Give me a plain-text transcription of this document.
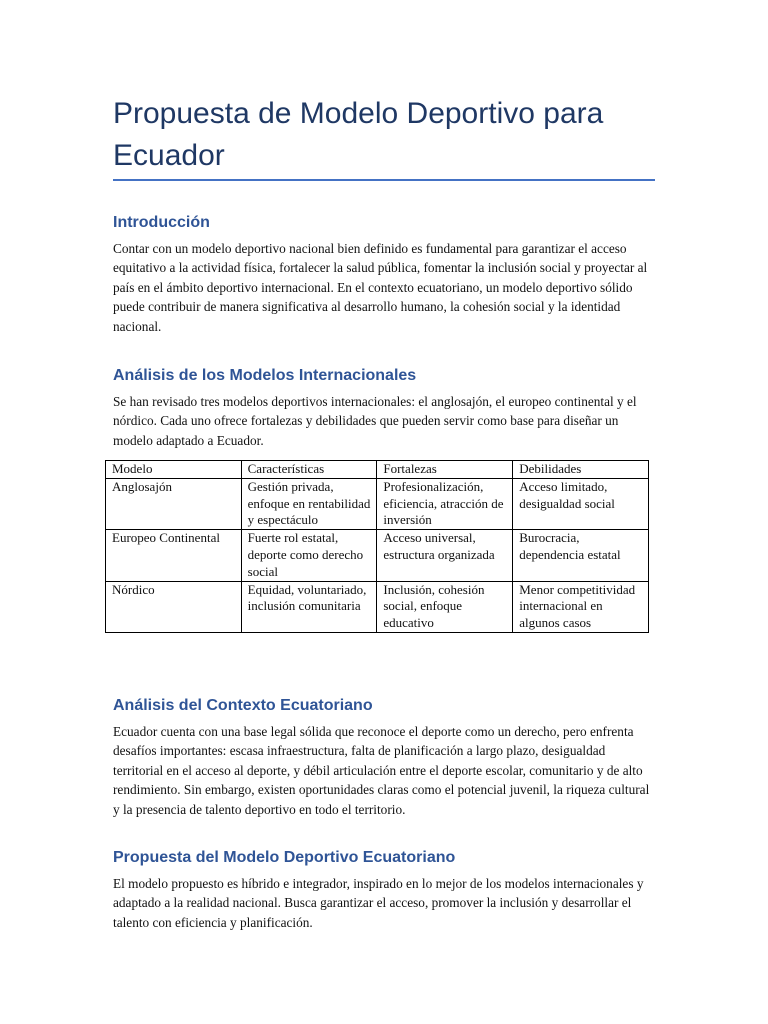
Propuesta de Modelo Deportivo para Ecuador
Introducción

Contar con un modelo deportivo nacional bien definido es fundamental para garantizar el acceso equitativo a la actividad física, fortalecer la salud pública, fomentar la inclusión social y proyectar al país en el ámbito deportivo internacional. En el contexto ecuatoriano, un modelo deportivo sólido puede contribuir de manera significativa al desarrollo humano, la cohesión social y la identidad nacional.

Análisis de los Modelos Internacionales

Se han revisado tres modelos deportivos internacionales: el anglosajón, el europeo continental y el nórdico. Cada uno ofrece fortalezas y debilidades que pueden servir como base para diseñar un modelo adaptado a Ecuador.

Modelo	Características	Fortalezas	Debilidades
Anglosajón	Gestión privada, enfoque en rentabilidad y espectáculo	Profesionalización, eficiencia, atracción de inversión	Acceso limitado, desigualdad social
Europeo Continental	Fuerte rol estatal, deporte como derecho social	Acceso universal, estructura organizada	Burocracia, dependencia estatal
Nórdico	Equidad, voluntariado, inclusión comunitaria	Inclusión, cohesión social, enfoque educativo	Menor competitividad internacional en algunos casos
Análisis del Contexto Ecuatoriano

Ecuador cuenta con una base legal sólida que reconoce el deporte como un derecho, pero enfrenta desafíos importantes: escasa infraestructura, falta de planificación a largo plazo, desigualdad territorial en el acceso al deporte, y débil articulación entre el deporte escolar, comunitario y de alto rendimiento. Sin embargo, existen oportunidades claras como el potencial juvenil, la riqueza cultural y la presencia de talento deportivo en todo el territorio.

Propuesta del Modelo Deportivo Ecuatoriano

El modelo propuesto es híbrido e integrador, inspirado en lo mejor de los modelos internacionales y adaptado a la realidad nacional. Busca garantizar el acceso, promover la inclusión y desarrollar el talento con eficiencia y planificación.
